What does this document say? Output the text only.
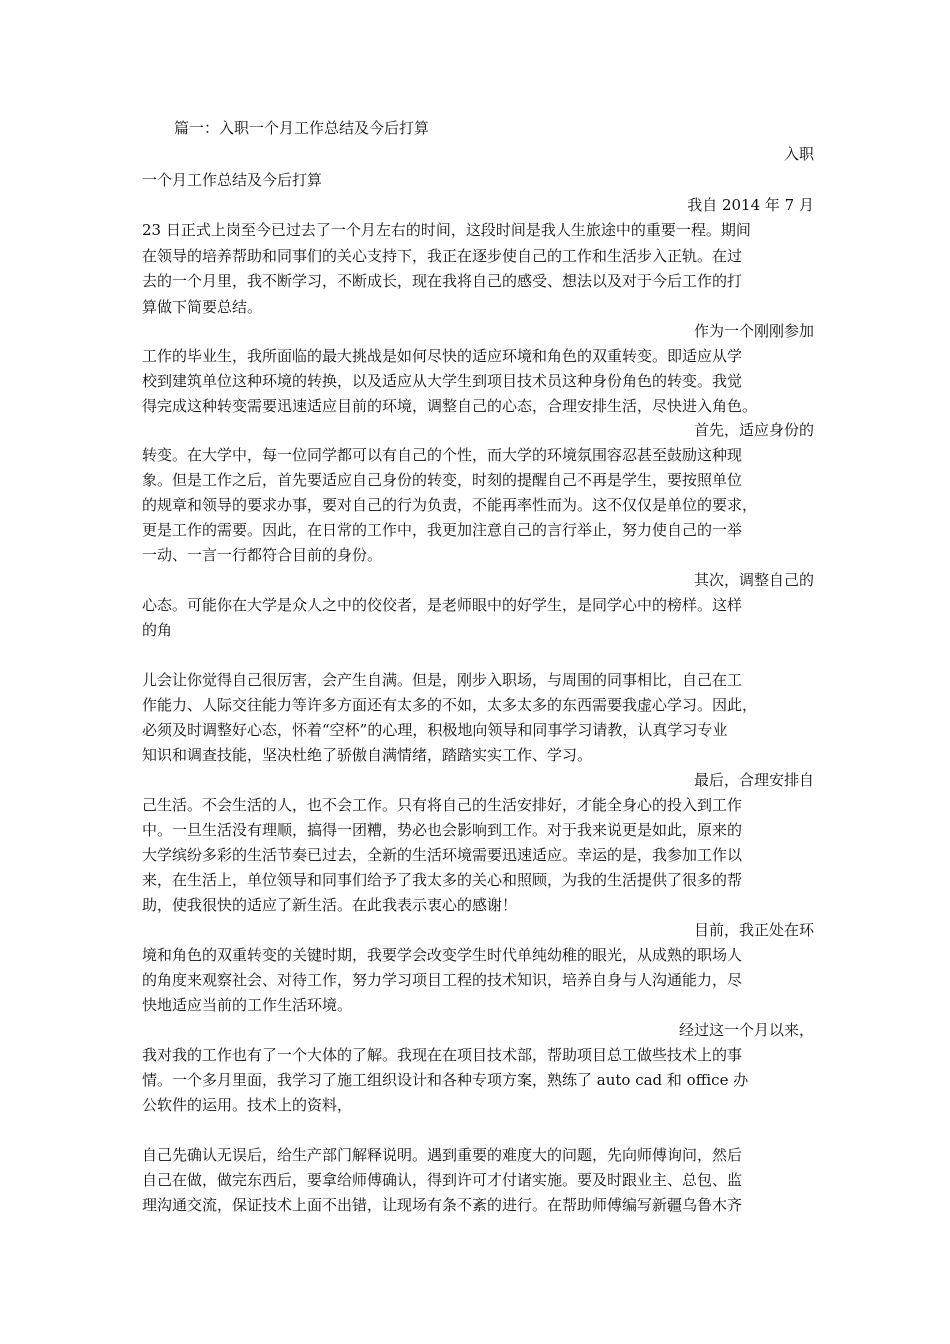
篇一：入职一个月工作总结及今后打算
入职
一个月工作总结及今后打算
我自 2014 年 7 月
23 日正式上岗至今已过去了一个月左右的时间，这段时间是我人生旅途中的重要一程。期间
在领导的培养帮助和同事们的关心支持下，我正在逐步使自己的工作和生活步入正轨。在过
去的一个月里，我不断学习，不断成长，现在我将自己的感受、想法以及对于今后工作的打
算做下简要总结。
作为一个刚刚参加
工作的毕业生，我所面临的最大挑战是如何尽快的适应环境和角色的双重转变。即适应从学
校到建筑单位这种环境的转换，以及适应从大学生到项目技术员这种身份角色的转变。我觉
得完成这种转变需要迅速适应目前的环境，调整自己的心态，合理安排生活，尽快进入角色。
首先，适应身份的
转变。在大学中，每一位同学都可以有自己的个性，而大学的环境氛围容忍甚至鼓励这种现
象。但是工作之后，首先要适应自己身份的转变，时刻的提醒自己不再是学生，要按照单位
的规章和领导的要求办事，要对自己的行为负责，不能再率性而为。这不仅仅是单位的要求，
更是工作的需要。因此，在日常的工作中，我更加注意自己的言行举止，努力使自己的一举
一动、一言一行都符合目前的身份。
其次，调整自己的
心态。可能你在大学是众人之中的佼佼者，是老师眼中的好学生，是同学心中的榜样。这样
的角
儿会让你觉得自己很厉害，会产生自满。但是，刚步入职场，与周围的同事相比，自己在工
作能力、人际交往能力等许多方面还有太多的不如，太多太多的东西需要我虚心学习。因此，
必须及时调整好心态，怀着“空杯”的心理，积极地向领导和同事学习请教，认真学习专业
知识和调查技能，坚决杜绝了骄傲自满情绪，踏踏实实工作、学习。
最后，合理安排自
己生活。不会生活的人，也不会工作。只有将自己的生活安排好，才能全身心的投入到工作
中。一旦生活没有理顺，搞得一团糟，势必也会影响到工作。对于我来说更是如此，原来的
大学缤纷多彩的生活节奏已过去，全新的生活环境需要迅速适应。幸运的是，我参加工作以
来，在生活上，单位领导和同事们给予了我太多的关心和照顾，为我的生活提供了很多的帮
助，使我很快的适应了新生活。在此我表示衷心的感谢！
目前，我正处在环
境和角色的双重转变的关键时期，我要学会改变学生时代单纯幼稚的眼光，从成熟的职场人
的角度来观察社会、对待工作，努力学习项目工程的技术知识，培养自身与人沟通能力，尽
快地适应当前的工作生活环境。
经过这一个月以来，
我对我的工作也有了一个大体的了解。我现在在项目技术部，帮助项目总工做些技术上的事
情。一个多月里面，我学习了施工组织设计和各种专项方案，熟练了 auto cad 和 office 办
公软件的运用。技术上的资料，
自己先确认无误后，给生产部门解释说明。遇到重要的难度大的问题，先向师傅询问，然后
自己在做，做完东西后，要拿给师傅确认，得到许可才付诸实施。要及时跟业主、总包、监
理沟通交流，保证技术上面不出错，让现场有条不紊的进行。在帮助师傅编写新疆乌鲁木齐
